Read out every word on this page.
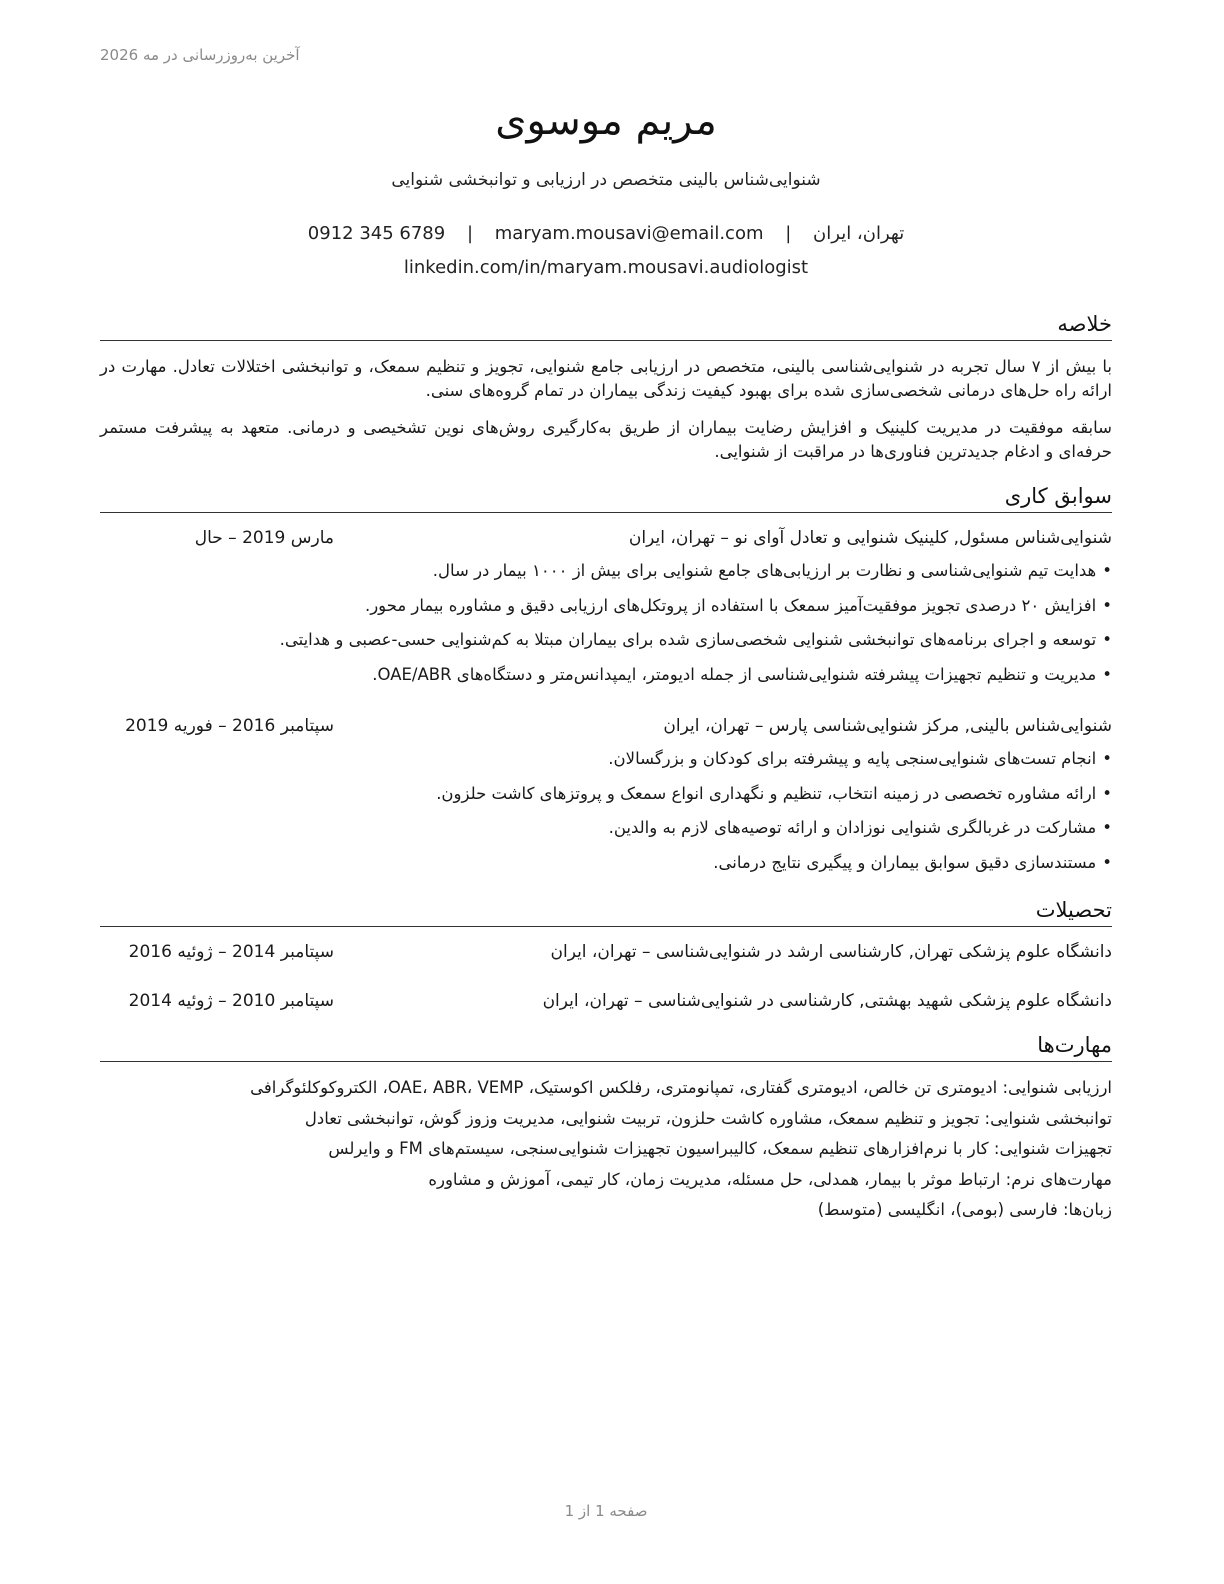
آخرین به‌روزرسانی در مه 2026
مریم موسوی
شنوایی‌شناس بالینی متخصص در ارزیابی و توانبخشی شنوایی
تهران، ایران | maryam.mousavi@email.com | 0912 345 6789
linkedin.com/in/maryam.mousavi.audiologist
خلاصه

با بیش از ۷ سال تجربه در شنوایی‌شناسی بالینی، متخصص در ارزیابی جامع شنوایی، تجویز و تنظیم سمعک، و توانبخشی اختلالات تعادل. مهارت در ارائه راه حل‌های درمانی شخصی‌سازی شده برای بهبود کیفیت زندگی بیماران در تمام گروه‌های سنی.

سابقه موفقیت در مدیریت کلینیک و افزایش رضایت بیماران از طریق به‌کارگیری روش‌های نوین تشخیصی و درمانی. متعهد به پیشرفت مستمر حرفه‌ای و ادغام جدیدترین فناوری‌ها در مراقبت از شنوایی.

سوابق کاری
شنوایی‌شناس مسئول, کلینیک شنوایی و تعادل آوای نو – تهران، ایران
مارس 2019 – حال
•هدایت تیم شنوایی‌شناسی و نظارت بر ارزیابی‌های جامع شنوایی برای بیش از ۱۰۰۰ بیمار در سال.
•افزایش ۲۰ درصدی تجویز موفقیت‌آمیز سمعک با استفاده از پروتکل‌های ارزیابی دقیق و مشاوره بیمار محور.
•توسعه و اجرای برنامه‌های توانبخشی شنوایی شخصی‌سازی شده برای بیماران مبتلا به کم‌شنوایی حسی-عصبی و هدایتی.
•مدیریت و تنظیم تجهیزات پیشرفته شنوایی‌شناسی از جمله ادیومتر، ایمپدانس‌متر و دستگاه‌های OAE/ABR.
شنوایی‌شناس بالینی, مرکز شنوایی‌شناسی پارس – تهران، ایران
سپتامبر 2016 – فوریه 2019
•انجام تست‌های شنوایی‌سنجی پایه و پیشرفته برای کودکان و بزرگسالان.
•ارائه مشاوره تخصصی در زمینه انتخاب، تنظیم و نگهداری انواع سمعک و پروتزهای کاشت حلزون.
•مشارکت در غربالگری شنوایی نوزادان و ارائه توصیه‌های لازم به والدین.
•مستندسازی دقیق سوابق بیماران و پیگیری نتایج درمانی.
تحصیلات
دانشگاه علوم پزشکی تهران, کارشناسی ارشد در شنوایی‌شناسی – تهران، ایران
سپتامبر 2014 – ژوئیه 2016
دانشگاه علوم پزشکی شهید بهشتی, کارشناسی در شنوایی‌شناسی – تهران، ایران
سپتامبر 2010 – ژوئیه 2014
مهارت‌ها
ارزیابی شنوایی: ادیومتری تن خالص، ادیومتری گفتاری، تمپانومتری، رفلکس اکوستیک، OAE، ABR، VEMP، الکتروکوکلئوگرافی
توانبخشی شنوایی: تجویز و تنظیم سمعک، مشاوره کاشت حلزون، تربیت شنوایی، مدیریت وزوز گوش، توانبخشی تعادل
تجهیزات شنوایی: کار با نرم‌افزارهای تنظیم سمعک، کالیبراسیون تجهیزات شنوایی‌سنجی، سیستم‌های FM و وایرلس
مهارت‌های نرم: ارتباط موثر با بیمار، همدلی، حل مسئله، مدیریت زمان، کار تیمی، آموزش و مشاوره
زبان‌ها: فارسی (بومی)، انگلیسی (متوسط)
صفحه 1 از 1
